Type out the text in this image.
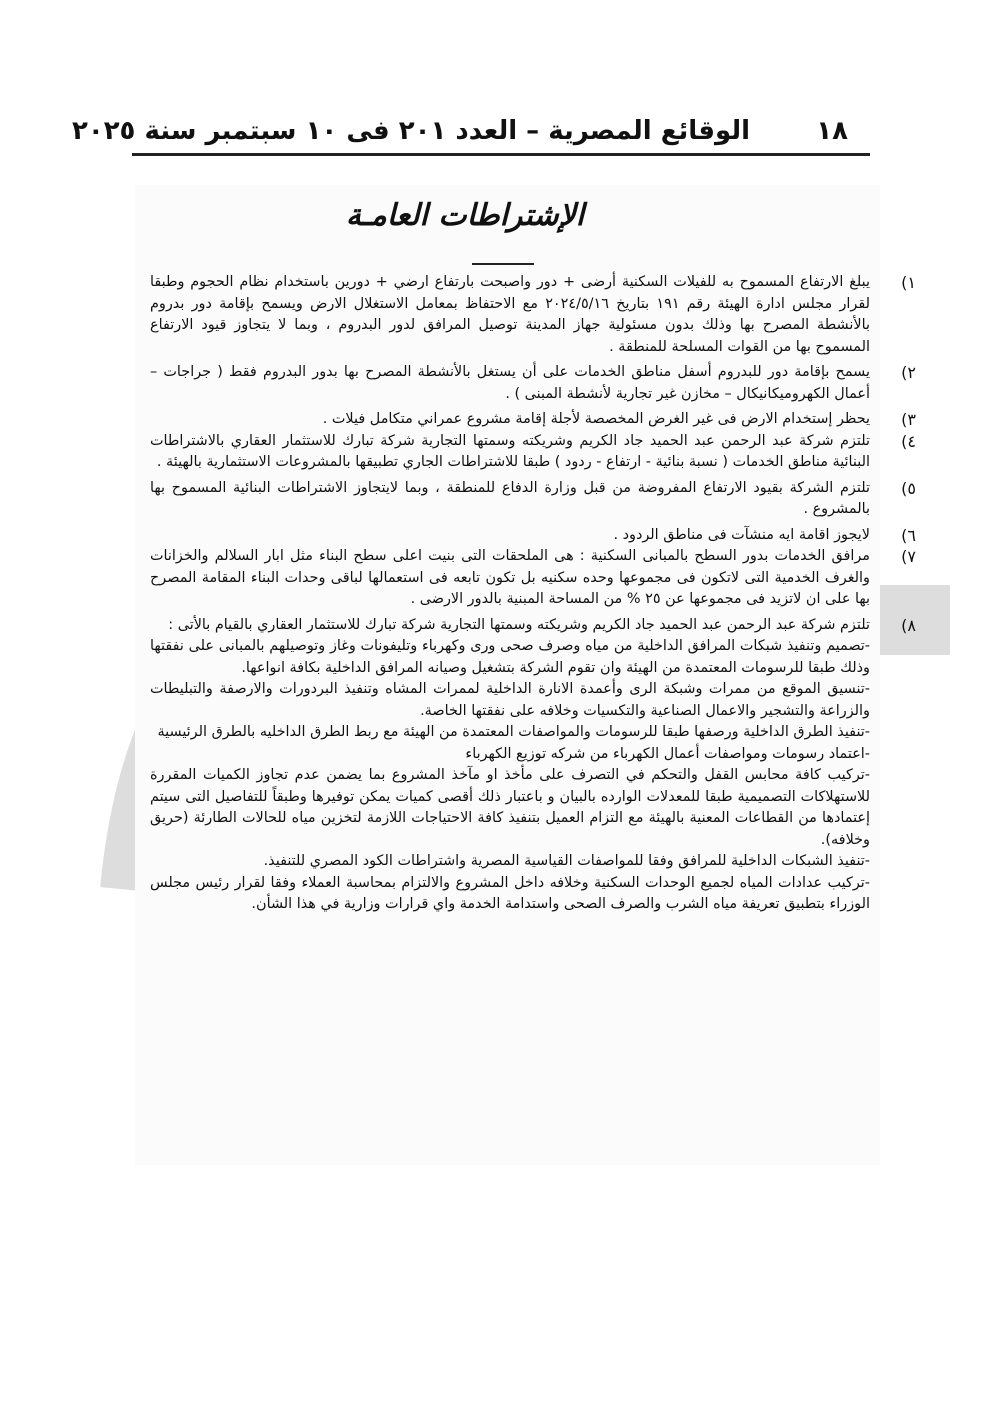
١٨
الوقائع المصرية – العدد ٢٠١ فى ١٠ سبتمبر سنة ٢٠٢٥
الإشتراطات العامـة
١)

يبلغ الارتفاع المسموح به للفيلات السكنية أرضى + دور واصبحت بارتفاع ارضي + دورين باستخدام نظام الحجوم وطبقا لقرار مجلس ادارة الهيئة رقم ١٩١ بتاريخ ٢٠٢٤/٥/١٦ مع الاحتفاظ بمعامل الاستغلال الارض ويسمح بإقامة دور بدروم بالأنشطة المصرح بها وذلك بدون مسئولية جهاز المدينة توصيل المرافق لدور البدروم ، وبما لا يتجاوز قيود الارتفاع المسموح بها من القوات المسلحة للمنطقة .

٢)

يسمح بإقامة دور للبدروم أسفل مناطق الخدمات على أن يستغل بالأنشطة المصرح بها بدور البدروم فقط ( جراجات – أعمال الكهروميكانيكال – مخازن غير تجارية لأنشطة المبنى ) .

٣)

يحظر إستخدام الارض فى غير الغرض المخصصة لأجلة إقامة مشروع عمراني متكامل فيلات .

٤)

تلتزم شركة عبد الرحمن عبد الحميد جاد الكريم وشريكته وسمتها التجارية شركة تبارك للاستثمار العقاري بالاشتراطات البنائية مناطق الخدمات ( نسبة بنائية - ارتفاع - ردود ) طبقا للاشتراطات الجاري تطبيقها بالمشروعات الاستثمارية بالهيئة .

٥)

تلتزم الشركة بقيود الارتفاع المفروضة من قبل وزارة الدفاع للمنطقة ، وبما لايتجاوز الاشتراطات البنائية المسموح بها بالمشروع .

٦)

لايجوز اقامة ايه منشآت فى مناطق الردود .

٧)

مرافق الخدمات بدور السطح بالمبانى السكنية : هى الملحقات التى بنيت اعلى سطح البناء مثل ابار السلالم والخزانات والغرف الخدمية التى لاتكون فى مجموعها وحده سكنيه بل تكون تابعه فى استعمالها لباقى وحدات البناء المقامة المصرح بها على ان لاتزيد فى مجموعها عن ٢٥ % من المساحة المبنية بالدور الارضى .

٨)

تلتزم شركة عبد الرحمن عبد الحميد جاد الكريم وشريكته وسمتها التجارية شركة تبارك للاستثمار العقاري بالقيام بالأتى :

-تصميم وتنفيذ شبكات المرافق الداخلية من مياه وصرف صحى ورى وكهرباء وتليفونات وغاز وتوصيلهم بالمبانى على نفقتها وذلك طبقا للرسومات المعتمدة من الهيئة وان تقوم الشركة بتشغيل وصيانه المرافق الداخلية بكافة انواعها.

-تنسيق الموقع من ممرات وشبكة الرى وأعمدة الانارة الداخلية لممرات المشاه وتنفيذ البردورات والارصفة والتبليطات والزراعة والتشجير والاعمال الصناعية والتكسيات وخلافه على نفقتها الخاصة.

-تنفيذ الطرق الداخلية ورصفها طبقا للرسومات والمواصفات المعتمدة من الهيئة مع ربط الطرق الداخليه بالطرق الرئيسية

-اعتماد رسومات ومواصفات أعمال الكهرباء من شركه توزيع الكهرباء

-تركيب كافة محابس القفل والتحكم في التصرف على مأخذ او مآخذ المشروع بما يضمن عدم تجاوز الكميات المقررة للاستهلاكات التصميمية طبقا للمعدلات الوارده بالبيان و باعتبار ذلك أقصى كميات يمكن توفيرها وطبقاً للتفاصيل التى سيتم إعتمادها من القطاعات المعنية بالهيئة مع التزام العميل بتنفيذ كافة الاحتياجات اللازمة لتخزين مياه للحالات الطارئة (حريق وخلافه).

-تنفيذ الشبكات الداخلية للمرافق وفقا للمواصفات القياسية المصرية واشتراطات الكود المصري للتنفيذ.

-تركيب عدادات المياه لجميع الوحدات السكنية وخلافه داخل المشروع والالتزام بمحاسبة العملاء وفقا لقرار رئيس مجلس الوزراء بتطبيق تعريفة مياه الشرب والصرف الصحى واستدامة الخدمة واي قرارات وزارية في هذا الشأن.
